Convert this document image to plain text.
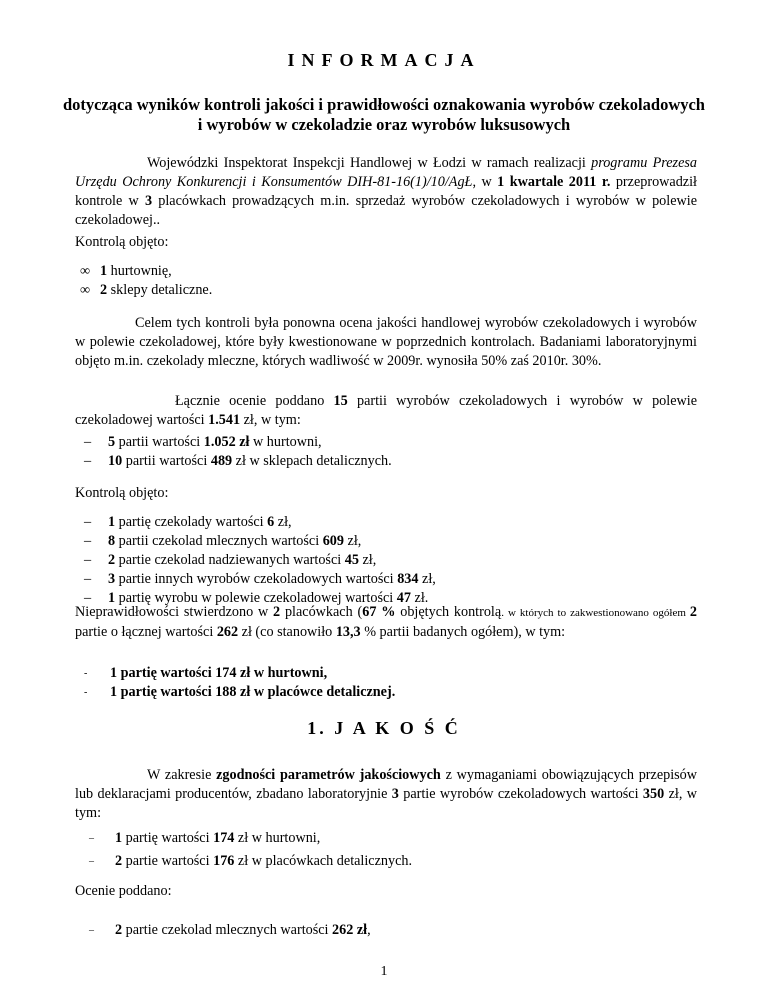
INFORMACJA
dotycząca wyników kontroli jakości i prawidłowości oznakowania wyrobów czekoladowych i wyrobów w czekoladzie oraz wyrobów luksusowych

Wojewódzki Inspektorat Inspekcji Handlowej w Łodzi w ramach realizacji programu Prezesa Urzędu Ochrony Konkurencji i Konsumentów DIH-81-16(1)/10/AgŁ, w 1 kwartale 2011 r. przeprowadził kontrole w 3 placówkach prowadzących m.in. sprzedaż wyrobów czekoladowych i wyrobów w polewie czekoladowej..

Kontrolą objęto:

∞ 1 hurtownię,
∞ 2 sklepy detaliczne.

Celem tych kontroli była ponowna ocena jakości handlowej wyrobów czekoladowych i wyrobów w polewie czekoladowej, które były kwestionowane w poprzednich kontrolach. Badaniami laboratoryjnymi objęto m.in. czekolady mleczne, których wadliwość w 2009r. wynosiła 50% zaś 2010r. 30%.

Łącznie ocenie poddano 15 partii wyrobów czekoladowych i wyrobów w polewie czekoladowej wartości 1.541 zł, w tym:

– 5 partii wartości 1.052 zł w hurtowni,
– 10 partii wartości 489 zł w sklepach detalicznych.

Kontrolą objęto:

– 1 partię czekolady wartości 6 zł,
– 8 partii czekolad mlecznych wartości 609 zł,
– 2 partie czekolad nadziewanych wartości 45 zł,
– 3 partie innych wyrobów czekoladowych wartości 834 zł,
– 1 partię wyrobu w polewie czekoladowej wartości 47 zł.

Nieprawidłowości stwierdzono w 2 placówkach (67 % objętych kontrolą. w których to zakwestionowano ogółem 2 partie o łącznej wartości 262 zł (co stanowiło 13,3 % partii badanych ogółem), w tym:

- 1 partię wartości 174 zł w hurtowni,
- 1 partię wartości 188 zł w placówce detalicznej.
1. J A K O Ś Ć

W zakresie zgodności parametrów jakościowych z wymaganiami obowiązujących przepisów lub deklaracjami producentów, zbadano laboratoryjnie 3 partie wyrobów czekoladowych wartości 350 zł, w tym:

– 1 partię wartości 174 zł w hurtowni,
– 2 partie wartości 176 zł w placówkach detalicznych.

Ocenie poddano:

– 2 partie czekolad mlecznych wartości 262 zł,
1
